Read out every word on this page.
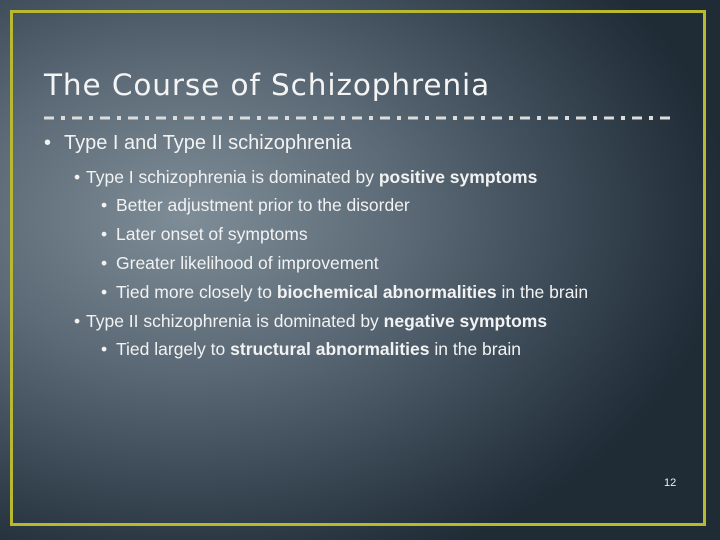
The Course of Schizophrenia
• Type I and Type II schizophrenia
• Type I schizophrenia is dominated by positive symptoms
• Better adjustment prior to the disorder
• Later onset of symptoms
• Greater likelihood of improvement
• Tied more closely to biochemical abnormalities in the brain
• Type II schizophrenia is dominated by negative symptoms
• Tied largely to structural abnormalities in the brain
12
